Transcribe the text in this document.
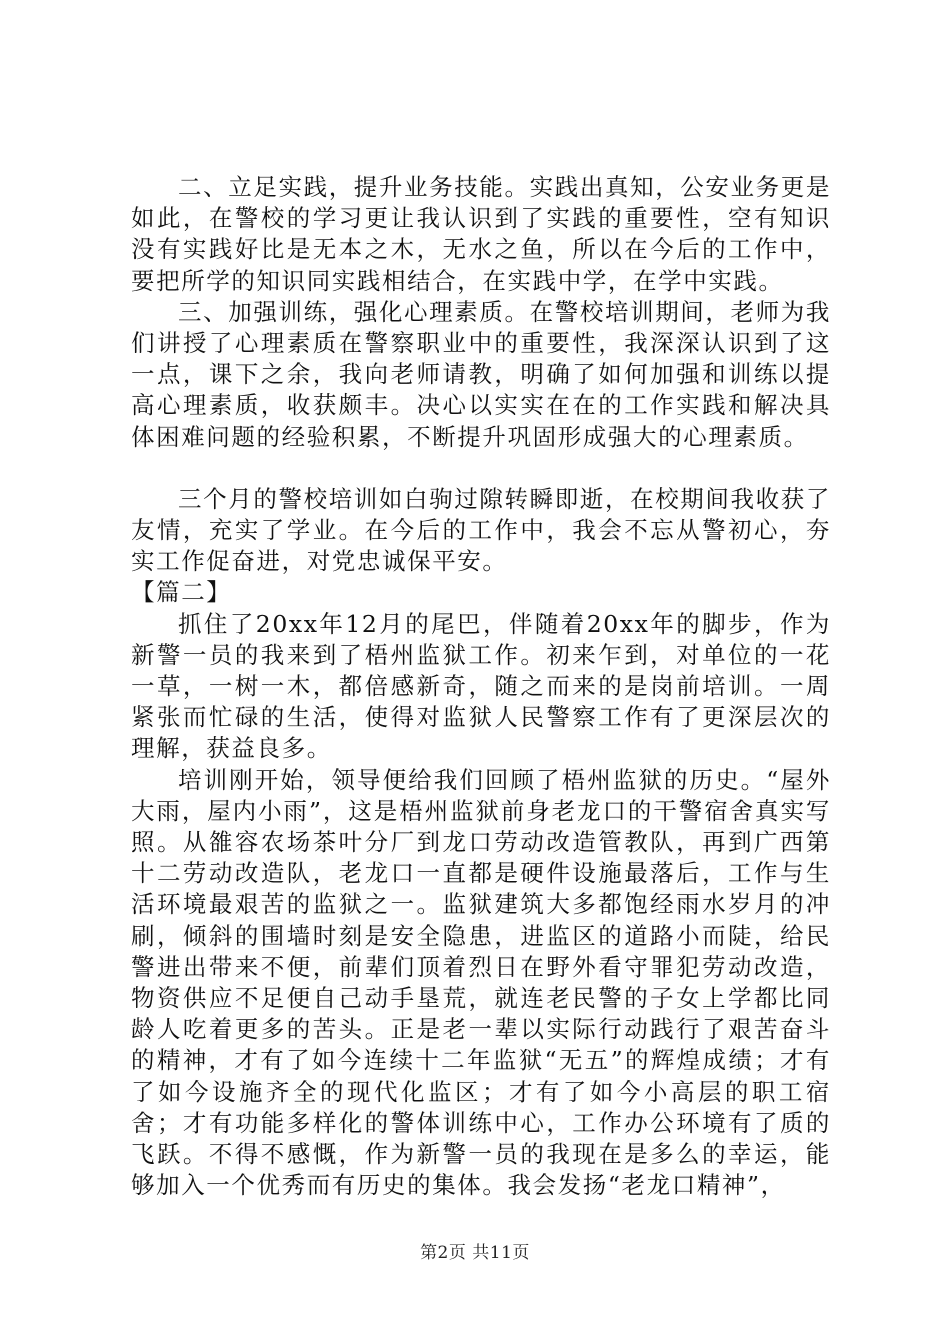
二、立足实践，提升业务技能。实践出真知，公安业务更是如此，在警校的学习更让我认识到了实践的重要性，空有知识没有实践好比是无本之木，无水之鱼，所以在今后的工作中，要把所学的知识同实践相结合，在实践中学，在学中实践。

三、加强训练，强化心理素质。在警校培训期间，老师为我们讲授了心理素质在警察职业中的重要性，我深深认识到了这一点，课下之余，我向老师请教，明确了如何加强和训练以提高心理素质，收获颇丰。决心以实实在在的工作实践和解决具体困难问题的经验积累，不断提升巩固形成强大的心理素质。

三个月的警校培训如白驹过隙转瞬即逝，在校期间我收获了友情，充实了学业。在今后的工作中，我会不忘从警初心，夯实工作促奋进，对党忠诚保平安。

【篇二】

抓住了20xx年12月的尾巴，伴随着20xx年的脚步，作为新警一员的我来到了梧州监狱工作。初来乍到，对单位的一花一草，一树一木，都倍感新奇，随之而来的是岗前培训。一周紧张而忙碌的生活，使得对监狱人民警察工作有了更深层次的理解，获益良多。

培训刚开始，领导便给我们回顾了梧州监狱的历史。“屋外大雨，屋内小雨”，这是梧州监狱前身老龙口的干警宿舍真实写照。从雒容农场茶叶分厂到龙口劳动改造管教队，再到广西第十二劳动改造队，老龙口一直都是硬件设施最落后，工作与生活环境最艰苦的监狱之一。监狱建筑大多都饱经雨水岁月的冲刷，倾斜的围墙时刻是安全隐患，进监区的道路小而陡，给民警进出带来不便，前辈们顶着烈日在野外看守罪犯劳动改造，物资供应不足便自己动手垦荒，就连老民警的子女上学都比同龄人吃着更多的苦头。正是老一辈以实际行动践行了艰苦奋斗的精神，才有了如今连续十二年监狱“无五”的辉煌成绩；才有了如今设施齐全的现代化监区；才有了如今小高层的职工宿舍；才有功能多样化的警体训练中心，工作办公环境有了质的飞跃。不得不感慨，作为新警一员的我现在是多么的幸运，能够加入一个优秀而有历史的集体。我会发扬“老龙口精神”，

第2页 共11页
